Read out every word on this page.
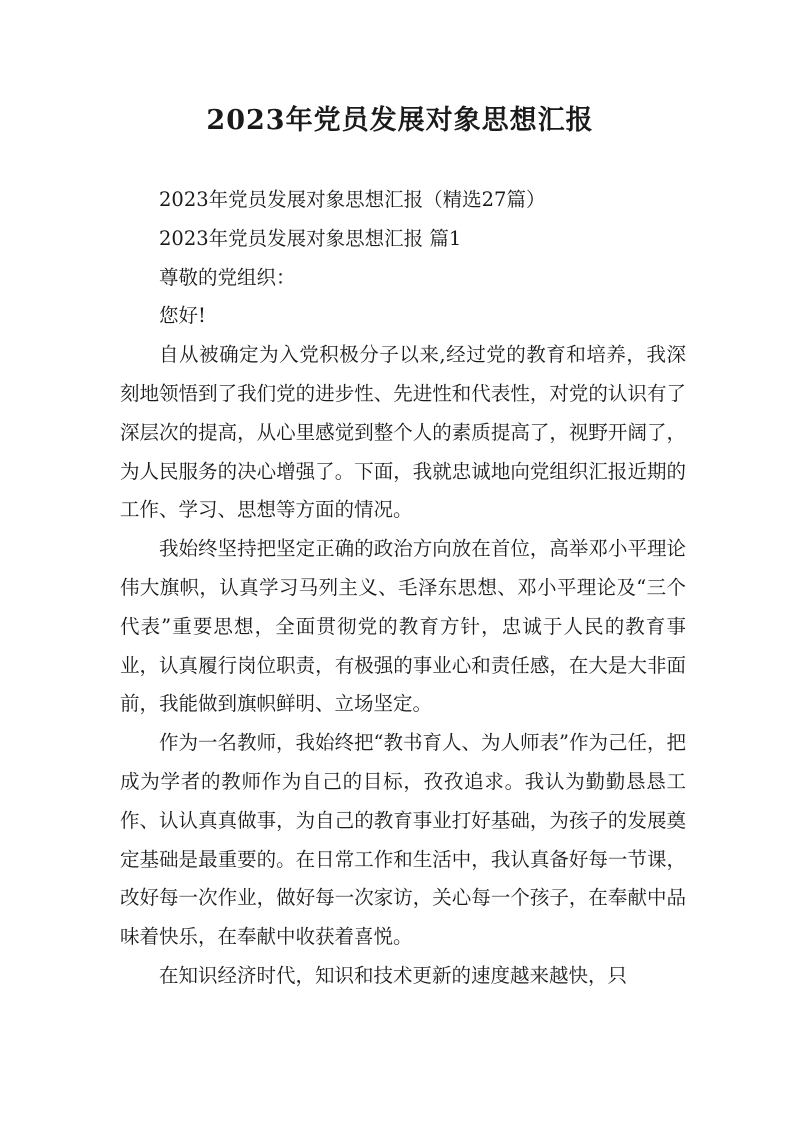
2023年党员发展对象思想汇报

2023年党员发展对象思想汇报（精选27篇）

2023年党员发展对象思想汇报 篇1

尊敬的党组织：

您好!

自从被确定为入党积极分子以来,经过党的教育和培养，我深刻地领悟到了我们党的进步性、先进性和代表性，对党的认识有了深层次的提高，从心里感觉到整个人的素质提高了，视野开阔了，为人民服务的决心增强了。下面，我就忠诚地向党组织汇报近期的工作、学习、思想等方面的情况。

我始终坚持把坚定正确的政治方向放在首位，高举邓小平理论伟大旗帜，认真学习马列主义、毛泽东思想、邓小平理论及“三个代表”重要思想，全面贯彻党的教育方针，忠诚于人民的教育事业，认真履行岗位职责，有极强的事业心和责任感，在大是大非面前，我能做到旗帜鲜明、立场坚定。

作为一名教师，我始终把“教书育人、为人师表”作为己任，把成为学者的教师作为自己的目标，孜孜追求。我认为勤勤恳恳工作、认认真真做事，为自己的教育事业打好基础，为孩子的发展奠定基础是最重要的。在日常工作和生活中，我认真备好每一节课，改好每一次作业，做好每一次家访，关心每一个孩子，在奉献中品味着快乐，在奉献中收获着喜悦。

在知识经济时代，知识和技术更新的速度越来越快，只
